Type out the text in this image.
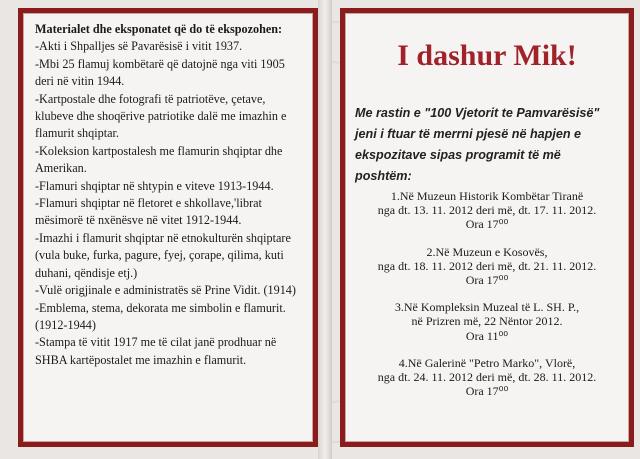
Materialet dhe eksponatet që do të ekspozohen:

-Akti i Shpalljes së Pavarësisë i vitit 1937.

-Mbi 25 flamuj kombëtarë që datojnë nga viti 1905 deri në vitin 1944.

-Kartpostale dhe fotografi të patriotëve, çetave, klubeve dhe shoqërive patriotike dalë me imazhin e flamurit shqiptar.

-Koleksion kartpostalesh me flamurin shqiptar dhe Amerikan.

-Flamuri shqiptar në shtypin e viteve 1913-1944.

-Flamuri shqiptar në fletoret e shkollave,'librat mësimorë të nxënësve në vitet 1912-1944.

-Imazhi i flamurit shqiptar në etnokulturën shqiptare (vula buke, furka, pagure, fyej, çorape, qilima, kuti duhani, qëndisje etj.)

-Vulë origjinale e administratës së Prine Vidit. (1914)

-Emblema, stema, dekorata me simbolin e flamurit. (1912-1944)

-Stampa të vitit 1917 me të cilat janë prodhuar në SHBA kartëpostalet me imazhin e flamurit.

I dashur Mik!
Me rastin e "100 Vjetorit te Pamvarësisë" jeni i ftuar të merrni pjesë në hapjen e ekspozitave sipas programit të më poshtëm:
1.Në Muzeun Historik Kombëtar Tiranë
nga dt. 13. 11. 2012 deri më, dt. 17. 11. 2012.
Ora 17⁰⁰
2.Në Muzeun e Kosovës,
nga dt. 18. 11. 2012 deri më, dt. 21. 11. 2012.
Ora 17⁰⁰
3.Në Kompleksin Muzeal të L. SH. P.,
në Prizren më, 22 Nëntor 2012.
Ora 11⁰⁰
4.Në Galerinë "Petro Marko", Vlorë,
nga dt. 24. 11. 2012 deri më, dt. 28. 11. 2012.
Ora 17⁰⁰
